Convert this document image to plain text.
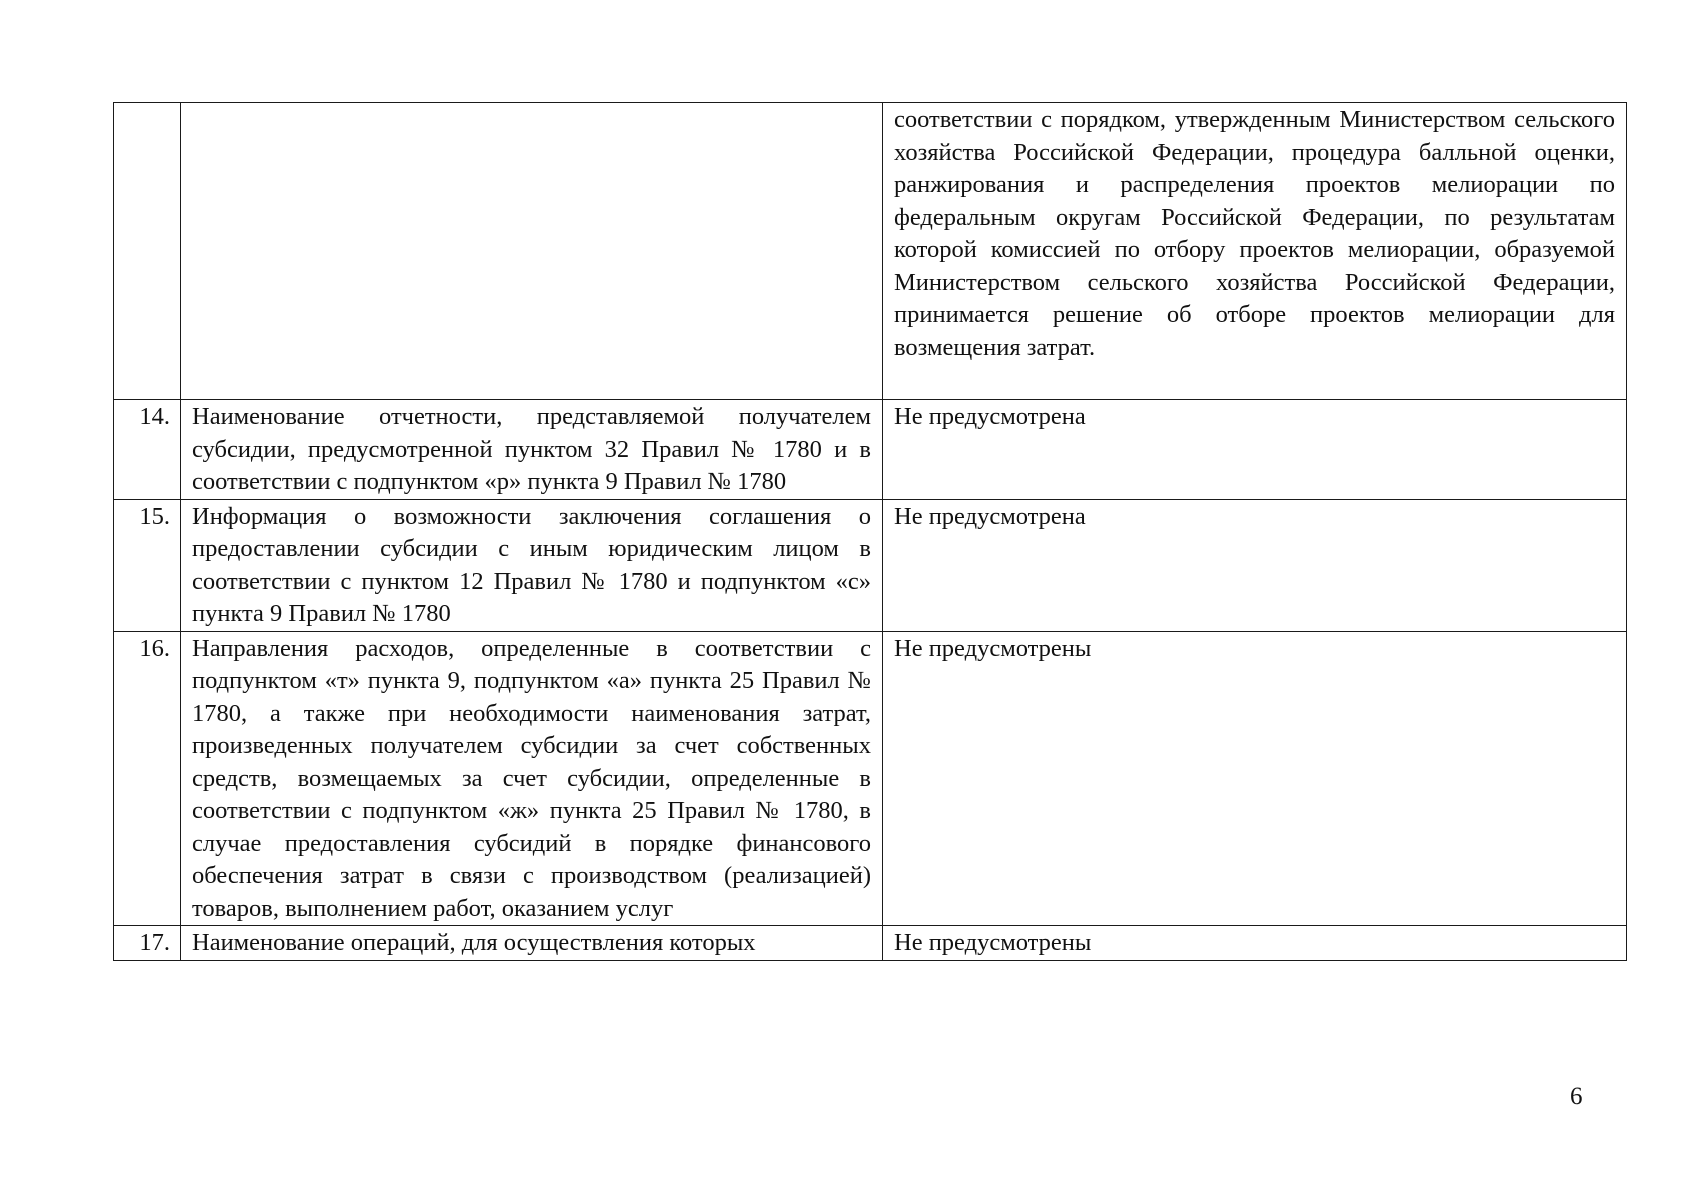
		соответствии с порядком, утвержденным Министерством сельского хозяйства Российской Федерации, процедура балльной оценки, ранжирования и распределения проектов мелиорации по федеральным округам Российской Федерации, по результатам которой комиссией по отбору проектов мелиорации, образуемой Министерством сельского хозяйства Российской Федерации, принимается решение об отборе проектов мелиорации для возмещения затрат.
14.	Наименование отчетности, представляемой получателем субсидии, предусмотренной пунктом 32 Правил № 1780 и в соответствии с подпунктом «р» пункта 9 Правил № 1780	Не предусмотрена
15.	Информация о возможности заключения соглашения о предоставлении субсидии с иным юридическим лицом в соответствии с пунктом 12 Правил № 1780 и подпунктом «с» пункта 9 Правил № 1780	Не предусмотрена
16.	Направления расходов, определенные в соответствии с подпунктом «т» пункта 9, подпунктом «а» пункта 25 Правил № 1780, а также при необходимости наименования затрат, произведенных получателем субсидии за счет собственных средств, возмещаемых за счет субсидии, определенные в соответствии с подпунктом «ж» пункта 25 Правил № 1780, в случае предоставления субсидий в порядке финансового обеспечения затрат в связи с производством (реализацией) товаров, выполнением работ, оказанием услуг	Не предусмотрены
17.	Наименование операций, для осуществления которых	Не предусмотрены
6
